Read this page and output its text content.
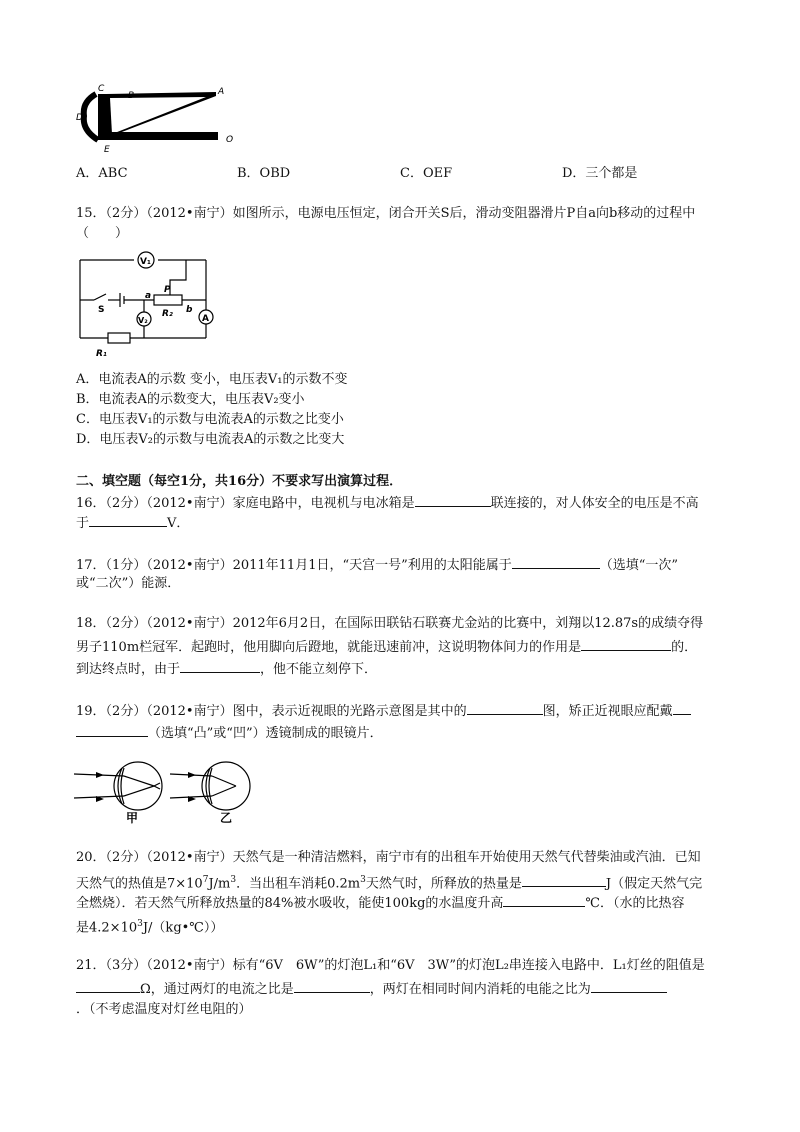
C
B	A
D
E
O
A．ABC	B．OBD	C．OEF	D．三个都是
15．（2分）（2012•南宁）如图所示，电源电压恒定，闭合开关S后，滑动变阻器滑片P自a向b移动的过程中
（　　）
V₁
V₂	A
S
P
a
R₂ b
R₁
A．电流表A的示数 变小，电压表V₁的示数不变
B．电流表A的示数变大，电压表V₂变小
C．电压表V₁的示数与电流表A的示数之比变小
D．电压表V₂的示数与电流表A的示数之比变大
二、填空题（每空1分，共16分）不要求写出演算过程．
16．（2分）（2012•南宁）家庭电路中，电视机与电冰箱是	联连接的，对人体安全的电压是不高
于	V．
17．（1分）（2012•南宁）2011年11月1日，“天宫一号”利用的太阳能属于	（选填“一次”
或“二次”）能源．
18．（2分）（2012•南宁）2012年6月2日，在国际田联钻石联赛尤金站的比赛中，刘翔以12.87s的成绩夺得
男子110m栏冠军．起跑时，他用脚向后蹬地，就能迅速前冲，这说明物体间力的作用是	的．
到达终点时，由于	，他不能立刻停下．
19．（2分）（2012•南宁）图中，表示近视眼的光路示意图是其中的	图，矫正近视眼应配戴
（选填“凸”或“凹”）透镜制成的眼镜片．
甲	乙
20．（2分）（2012•南宁）天然气是一种清洁燃料，南宁市有的出租车开始使用天然气代替柴油或汽油．已知
天然气的热值是$7\times 10^7J/m^3$．当出租车消耗$0.2m^3$天然气时，所释放的热量是	J（假定天然气完
全燃烧）．若天然气所释放热量的84%被水吸收，能使100kg的水温度升高	℃．（水的比热容
是$4.2\times 10^3J/(kg•℃)$）
21．（3分）（2012•南宁）标有“6V　6W”的灯泡L₁和“6V　3W”的灯泡L₂串连接入电路中．L₁灯丝的阻值是
Ω，通过两灯的电流之比是	，两灯在相同时间内消耗的电能之比为
．（不考虑温度对灯丝电阻的）
